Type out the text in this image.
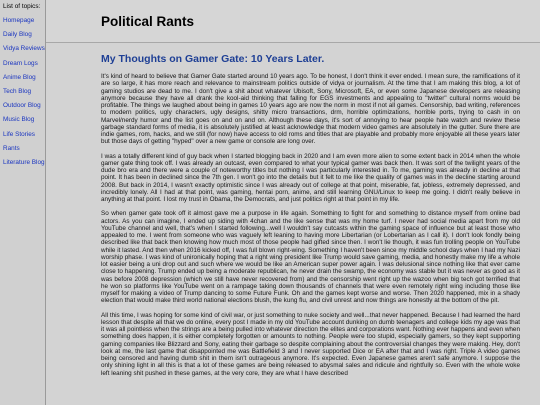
List of topics:
Homepage
Daily Blog
Vidya Reviews
Dream Logs
Anime Blog
Tech Blog
Outdoor Blog
Music Blog
Life Stories
Rants
Literature Blog
Political Rants
My Thoughts on Gamer Gate: 10 Years Later.

It's kind of heard to believe that Gamer Gate started around 10 years ago. To be honest, I don't think it ever ended. I mean sure, the ramifications of it are so large, it has more reach and relevance to mainstream politics outside of vidya or journalism. At the time that I am making this blog, a lot of gaming studios are dead to me. I don't give a shit about whatever Ubisoft, Sony, Microsoft, EA, or even some Japanese developers are releasing anymore because they have all drank the kool-aid thinking that falling for EGS investments and appealing to "twitter" cultural norms would be profitable. The things we laughed about being in games 10 years ago are now the norm in most if not all games. Censorship, bad writing, references to modern politics, ugly characters, ugly designs, shitty micro transactions, drm, horrible optimizations, horrible ports, trying to cash in on Marvel/nerdy humor and the list goes on and on and on. Although these days, it's sort of annoying to hear people hate watch and review these garbage standard forms of media, it is absolutely justified at least acknowledge that modern video games are absolutely in the gutter. Sure there are indie games, rom, hacks, and we still (for now) have access to old roms and titles that are playable and probably more enjoyable all these years later but those days of getting "hyped" over a new game or console are long over.

I was a totally different kind of guy back when I started blogging back in 2020 and I am even more alien to some extent back in 2014 when the whole gamer gate thing took off. I was already an outcast, even compared to what your typical gamer was back then. It was sort of the twilight years of the dude bro era and there were a couple of noteworthy titles but nothing I was particularly interested in. To me, gaming was already in decline at that point. It has been in declined since the 7th gen. I won't go into the details but it felt to me like the quality of games was in the decline starting around 2008. But back in 2014, I wasn't exactly optimistic since I was already out of college at that point, miserable, fat, jobless, extremely depressed, and incredibly lonely. All I had at that point, was gaming, hentai porn, anime, and still learning GNU/Linux to keep me going. I didn't really believe in anything at that point. I lost my trust in Obama, the Democrats, and just politics right at that point in my life.

So when gamer gate took off it almost gave me a purpose in life again. Something to fight for and something to distance myself from online bad actors. As you can imagine, I ended up siding with 4chan and the like sense that was my home turf. I never had social media apart from my old YouTube channel and well, that's when I started following...well I wouldn't say cutcasts within the gaming space of influence but at least those who appealed to me. I went from someone who was vaguely left leaning to having more Libertarian (or Lobertarian as I call it). I don't look fondly being described like that back then knowing how much most of those people had gifted since then. I won't lie though, it was fun trolling people on YouTube while it lasted. And then when 2016 kicked off, I was full blown right-wing. Something I haven't been since my middle school days when I had my Nazi worship phase. I was kind of unironically hoping that a right wing president like Trump would save gaming, media, and honestly make my life a whole lot easier being a uni drop out and such where we would be like an American super power again. I was delusional since nothing like that ever came close to happening. Trump ended up being a moderate republican, he never drain the swamp, the economy was stable but it was never as good as it was before 2008 depression (which we still have never recovered from) and the censorship went right up the wazoo when big tech got terrified that he won so platforms like YouTube went on a rampage taking down thousands of channels that were even remotely right wing including those like myself for making a video of Trump dancing to some Future Funk. Oh and the games kept worse and worse. Then 2020 happened, mix in a shady election that would make third world national elections blush, the kung flu, and civil unrest and now things are honestly at the bottom of the pit.

All this time, I was hoping for some kind of civil war, or just something to nuke society and well...that never happened. Because I had learned the hard lesson that despite all that we do online, every post I made in my old YouTube account dunking on dumb teenagers and college kids my age was that it was all pointless when the strings are a being pulled into whatever direction the elites and corporations want. Nothing ever happens and even when something does happen, it is either completely forgotten or amounts to nothing. People were too stupid, especially gamers, so they kept supporting gaming companies like Blizzard and Sony, eating their garbage so despite complaining about the controversial changes they were making. Hey, don't look at me, the last game that disappointed me was Battlefield 3 and I never supported Dice or EA after that and I was right. Triple A video games being censored and having dumb shit in them isn't outrageous anymore. It's expected. Even Japanese games aren't safe anymore. I suppose the only shining light in all this is that a lot of these games are being released to abysmal sales and ridicule and rightfully so. Even with the whole woke left leaning shit pushed in these games, at the very core, they are what I have described
